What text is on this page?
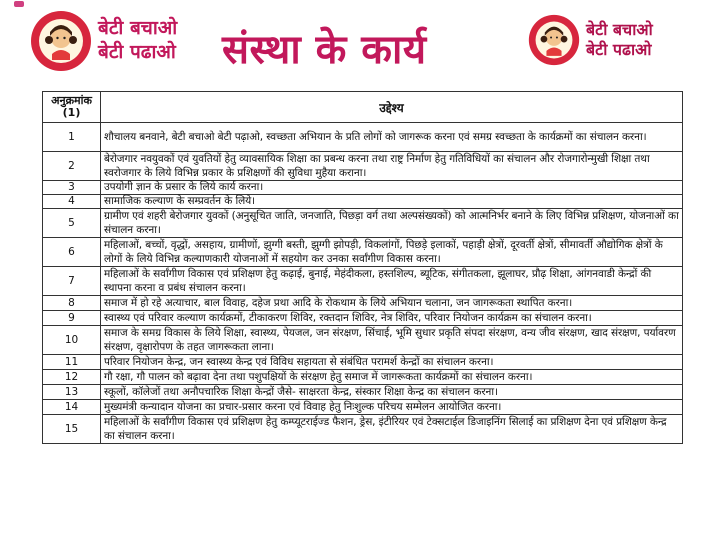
बेटी बचाओ
बेटी पढाओ संस्था के कार्य	बेटी बचाओ
बेटी पढाओ
अनुक्रमांक
(1)	उद्देश्य
1	शौचालय बनवाने, बेटी बचाओ बेटी पढ़ाओ, स्वच्छता अभियान के प्रति लोगों को जागरूक करना एवं समग्र स्वच्छता के कार्यक्रमों का संचालन करना।
2	बेरोजगार नवयुवकों एवं युवतियों हेतु व्यावसायिक शिक्षा का प्रबन्ध करना तथा राष्ट्र निर्माण हेतु गतिविधियों का संचालन और रोजगारोन्मुखी शिक्षा तथा स्वरोजगार के लिये विभिन्न प्रकार के प्रशिक्षणों की सुविधा मुहैया कराना।
3	उपयोगी ज्ञान के प्रसार के लिये कार्य करना।
4	सामाजिक कल्याण के सम्प्रवर्तन के लिये।
5	ग्रामीण एवं शहरी बेरोजगार युवकों (अनुसूचित जाति, जनजाति, पिछड़ा वर्ग तथा अल्पसंख्यकों) को आत्मनिर्भर बनाने के लिए विभिन्न प्रशिक्षण, योजनाओं का संचालन करना।
6	महिलाओं, बच्चों, वृद्धों, असहाय, ग्रामीणों, झुग्गी बस्ती, झुग्गी झोपड़ी, विकलांगों, पिछड़े इलाकों, पहाड़ी क्षेत्रों, दूरवर्ती क्षेत्रों, सीमावर्ती औद्योगिक क्षेत्रों के लोगों के लिये विभिन्न कल्याणकारी योजनाओं में सहयोग कर उनका सर्वांगीण विकास करना।
7	महिलाओं के सर्वांगीण विकास एवं प्रशिक्षण हेतु कढ़ाई, बुनाई, मेहंदीकला, हस्तशिल्प, ब्यूटिक, संगीतकला, झूलाघर, प्रौढ़ शिक्षा, आंगनवाडी केन्द्रों की स्थापना करना व प्रबंध संचालन करना।
8	समाज में हो रहे अत्याचार, बाल विवाह, दहेज प्रथा आदि के रोकथाम के लिये अभियान चलाना, जन जागरूकता स्थापित करना।
9	स्वास्थ्य एवं परिवार कल्याण कार्यक्रमों, टीकाकरण शिविर, रक्तदान शिविर, नेत्र शिविर, परिवार नियोजन कार्यक्रम का संचालन करना।
10	समाज के समग्र विकास के लिये शिक्षा, स्वास्थ्य, पेयजल, जन संरक्षण, सिंचाई, भूमि सुधार प्रकृति संपदा संरक्षण, वन्य जीव संरक्षण, खाद संरक्षण, पर्यावरण संरक्षण, वृक्षारोपण के तहत जागरूकता लाना।
11	परिवार नियोजन केन्द्र, जन स्वास्थ्य केन्द्र एवं विविध सहायता से संबंधित परामर्श केन्द्रों का संचालन करना।
12	गौ रक्षा, गौ पालन को बढ़ावा देना तथा पशुपक्षियों के संरक्षण हेतु समाज में जागरूकता कार्यक्रमों का संचालन करना।
13	स्कूलों, कॉलेजों तथा अनौपचारिक शिक्षा केन्द्रों जैसे- साक्षरता केन्द्र, संस्कार शिक्षा केन्द्र का संचालन करना।
14	मुख्यमंत्री कन्यादान योजना का प्रचार-प्रसार करना एवं विवाह हेतु निःशुल्क परिचय सम्मेलन आयोजित करना।
15	महिलाओं के सर्वांगीण विकास एवं प्रशिक्षण हेतु कम्प्यूटराईज्ड फैशन, ड्रेस, इंटीरियर एवं टेक्सटाईल डिजाइनिंग सिलाई का प्रशिक्षण देना एवं प्रशिक्षण केन्द्र का संचालन करना।
